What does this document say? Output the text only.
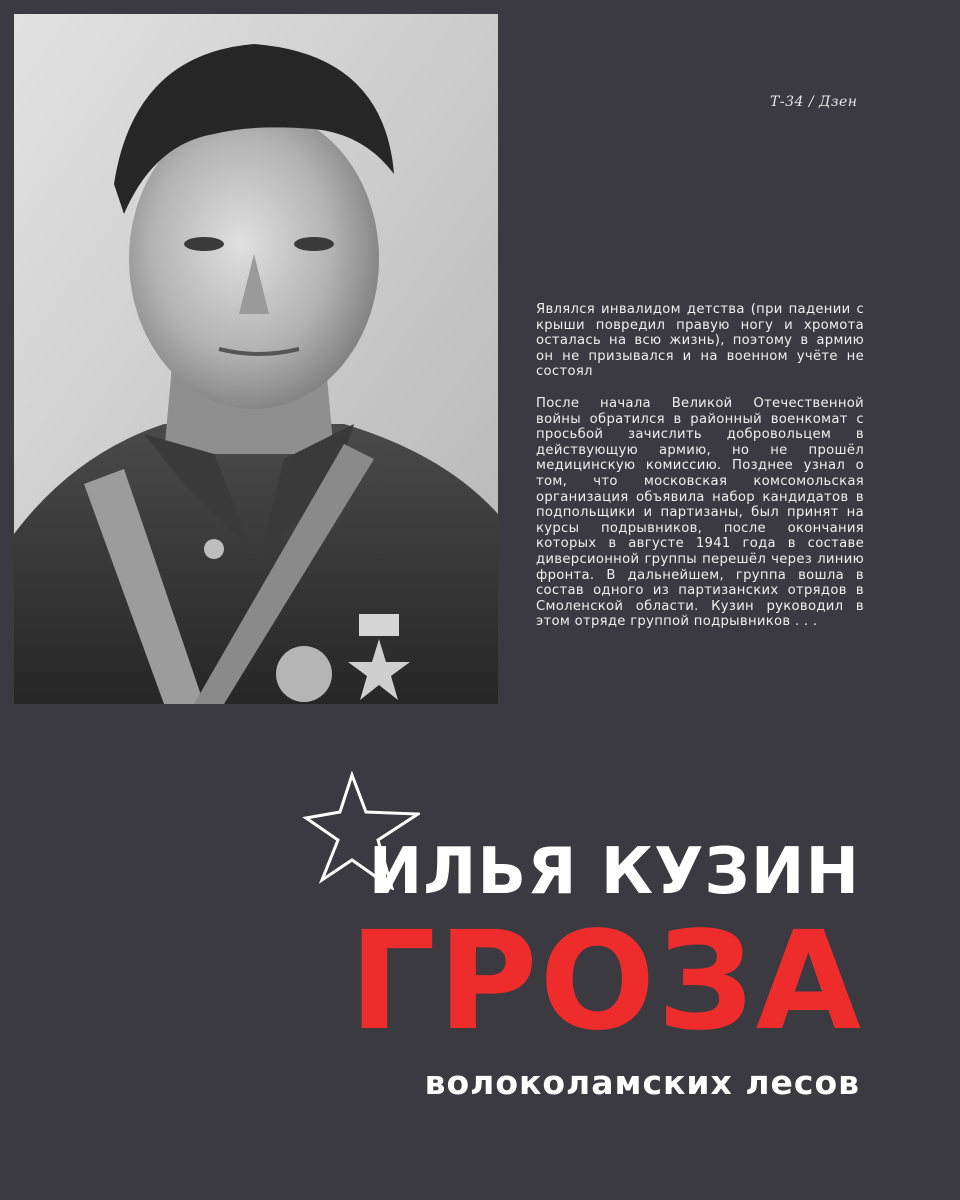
Т-34 / Дзен

Являлся инвалидом детства (при падении с крыши повредил правую ногу и хромота осталась на всю жизнь), поэтому в армию он не призывался и на военном учёте не состоял

После начала Великой Отечественной войны обратился в районный военкомат с просьбой зачислить добровольцем в действующую армию, но не прошёл медицинскую комиссию. Позднее узнал о том, что московская комсомольская организация объявила набор кандидатов в подпольщики и партизаны, был принят на курсы подрывников, после окончания которых в августе 1941 года в составе диверсионной группы перешёл через линию фронта. В дальнейшем, группа вошла в состав одного из партизанских отрядов в Смоленской области. Кузин руководил в этом отряде группой подрывников . . .

ИЛЬЯ КУЗИН
ГРОЗА
волоколамских лесов
